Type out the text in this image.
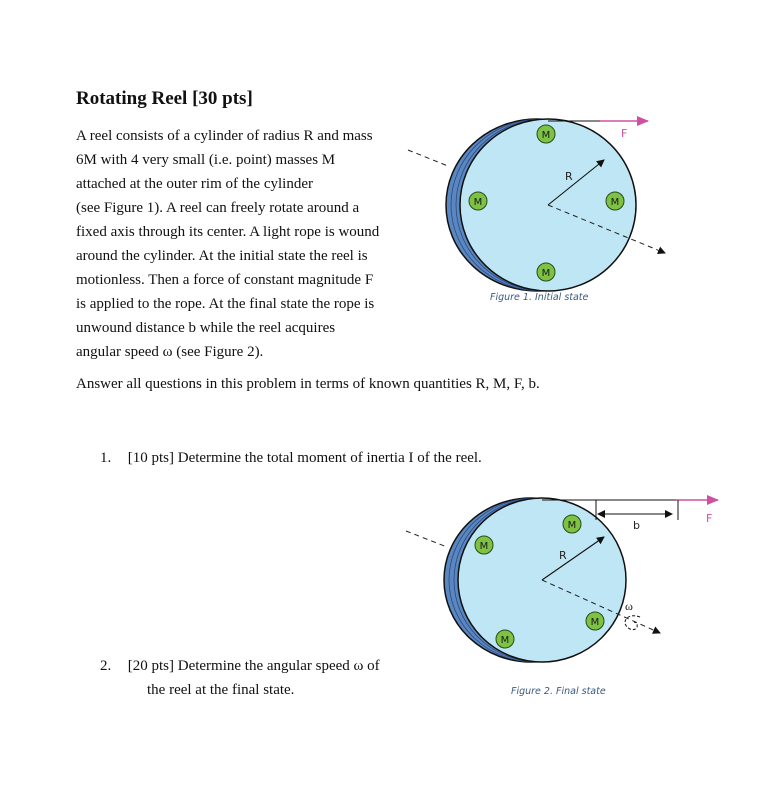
Rotating Reel [30 pts]

A reel consists of a cylinder of radius R and mass
6M with 4 very small (i.e. point) masses M
attached at the outer rim of the cylinder
(see Figure 1). A reel can freely rotate around a
fixed axis through its center. A light rope is wound
around the cylinder. At the initial state the reel is
motionless. Then a force of constant magnitude F
is applied to the rope. At the final state the rope is
unwound distance b while the reel acquires
angular speed ω (see Figure 2).

Answer all questions in this problem in terms of known quantities R, M, F, b.

1. [10 pts] Determine the total moment of inertia I of the reel.
2. [20 pts] Determine the angular speed ω of
the reel at the final state.
F
R
M
M	M
M
Figure 1. Initial state
F
b
R
ω
M
M
M
M
Figure 2. Final state
